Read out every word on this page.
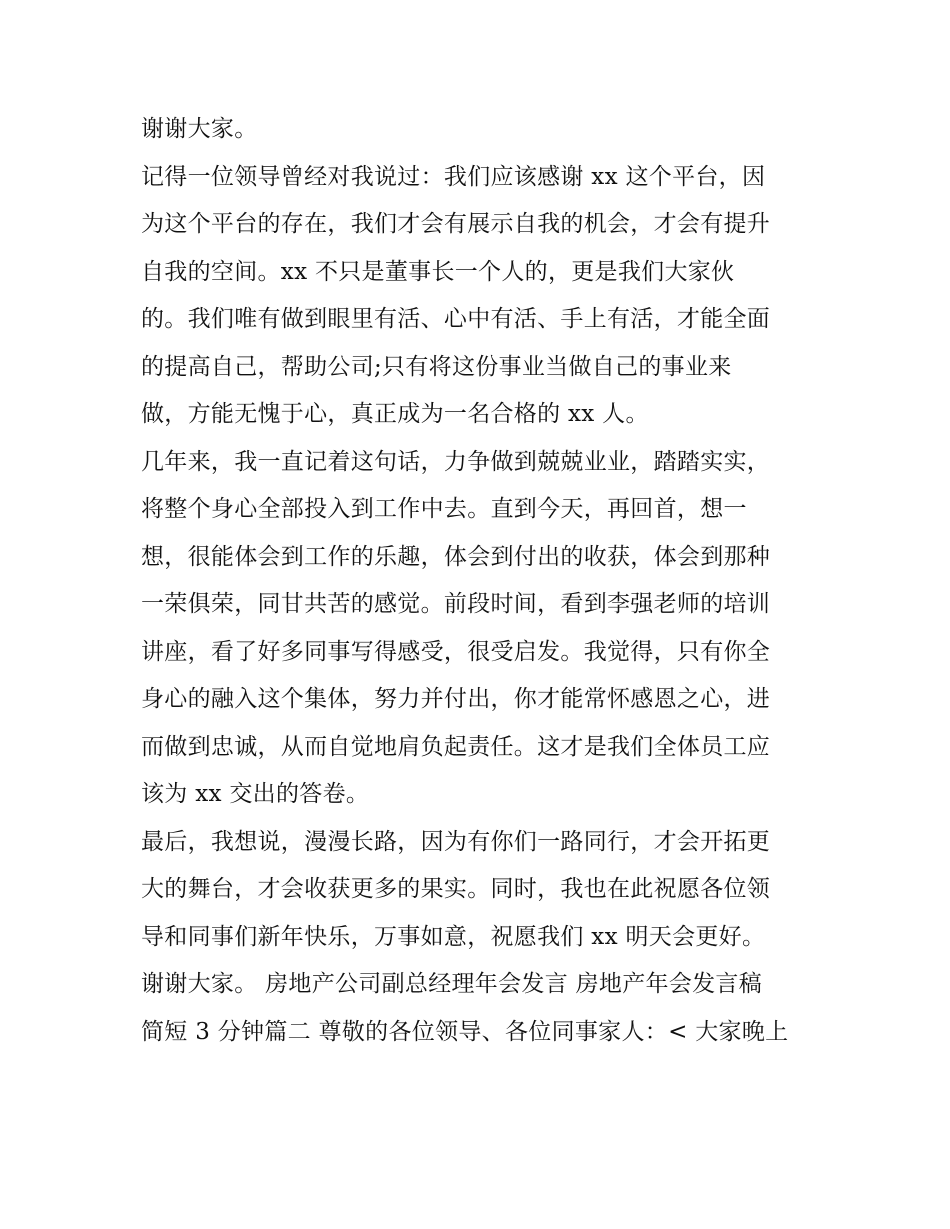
谢谢大家。
记得一位领导曾经对我说过：我们应该感谢 xx 这个平台，因
为这个平台的存在，我们才会有展示自我的机会，才会有提升
自我的空间。xx 不只是董事长一个人的，更是我们大家伙
的。我们唯有做到眼里有活、心中有活、手上有活，才能全面
的提高自己，帮助公司;只有将这份事业当做自己的事业来
做，方能无愧于心，真正成为一名合格的 xx 人。
几年来，我一直记着这句话，力争做到兢兢业业，踏踏实实，
将整个身心全部投入到工作中去。直到今天，再回首，想一
想，很能体会到工作的乐趣，体会到付出的收获，体会到那种
一荣俱荣，同甘共苦的感觉。前段时间，看到李强老师的培训
讲座，看了好多同事写得感受，很受启发。我觉得，只有你全
身心的融入这个集体，努力并付出，你才能常怀感恩之心，进
而做到忠诚，从而自觉地肩负起责任。这才是我们全体员工应
该为 xx 交出的答卷。
最后，我想说，漫漫长路，因为有你们一路同行，才会开拓更
大的舞台，才会收获更多的果实。同时，我也在此祝愿各位领
导和同事们新年快乐，万事如意，祝愿我们 xx 明天会更好。
谢谢大家。 房地产公司副总经理年会发言 房地产年会发言稿
简短 3 分钟篇二 尊敬的各位领导、各位同事家人：< 大家晚上
